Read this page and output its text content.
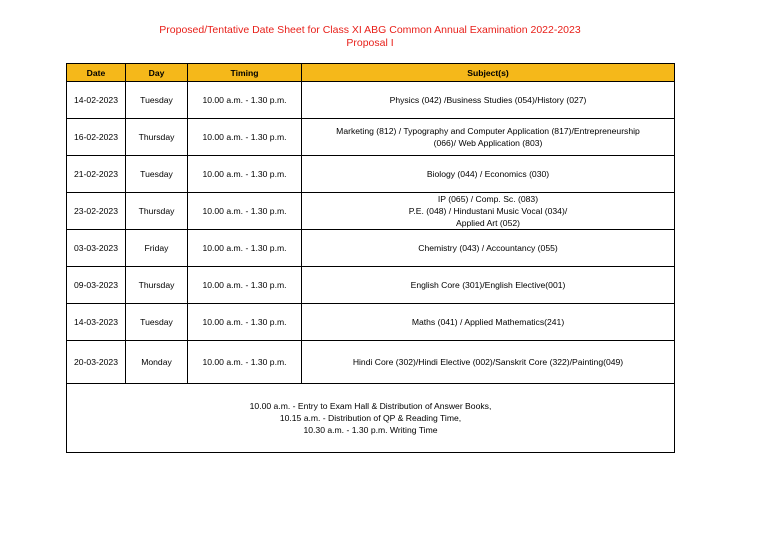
Proposed/Tentative Date Sheet for Class XI ABG Common Annual Examination 2022-2023
Proposal I
Date	Day	Timing	Subject(s)
14-02-2023	Tuesday	10.00 a.m. - 1.30 p.m.	Physics (042) /Business Studies (054)/History (027)

16-02-2023	Thursday	10.00 a.m. - 1.30 p.m.	Marketing (812) / Typography and Computer Application (817)/Entrepreneurship
(066)/ Web Application (803)

21-02-2023	Tuesday	10.00 a.m. - 1.30 p.m.	Biology (044) / Economics (030)

23-02-2023	Thursday	10.00 a.m. - 1.30 p.m.	IP (065) / Comp. Sc. (083)
P.E. (048) / Hindustani Music Vocal (034)/
Applied Art (052)

03-03-2023	Friday	10.00 a.m. - 1.30 p.m.	Chemistry (043) / Accountancy (055)

09-03-2023	Thursday	10.00 a.m. - 1.30 p.m.	English Core (301)/English Elective(001)

14-03-2023	Tuesday	10.00 a.m. - 1.30 p.m.	Maths (041) / Applied Mathematics(241)

20-03-2023	Monday	10.00 a.m. - 1.30 p.m.	Hindi Core (302)/Hindi Elective (002)/Sanskrit Core (322)/Painting(049)

10.00 a.m. - Entry to Exam Hall & Distribution of Answer Books,
10.15 a.m. - Distribution of QP & Reading Time,
10.30 a.m. - 1.30 p.m. Writing Time			
